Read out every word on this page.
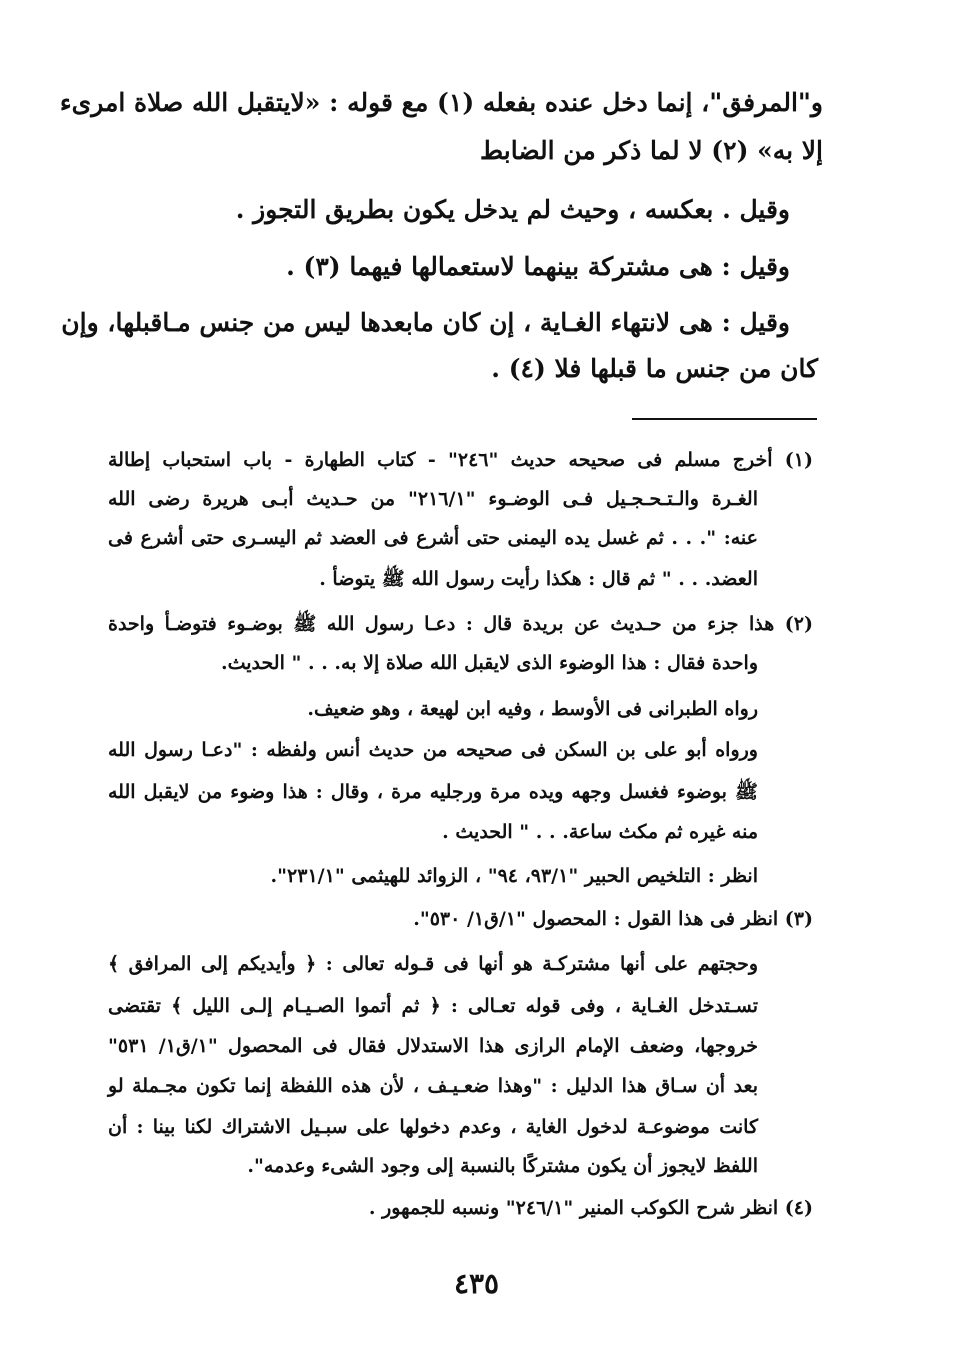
و"المرفق"، إنما دخل عنده بفعله (١) مع قوله : «لايتقبل الله صلاة امرىء
إلا به» (٢) لا لما ذكر من الضابط
وقيل . بعكسه ، وحيث لم يدخل يكون بطريق التجوز .
وقيل : هى مشتركة بينهما لاستعمالها فيهما (٣) .
وقيل : هى لانتهاء الغـاية ، إن كان مابعدها ليس من جنس مـاقبلها، وإن
كان من جنس ما قبلها فلا (٤) .
(١) أخرج مسلم فى صحيحه حديث "٢٤٦" - كتاب الطهارة - باب استحباب إطالة
الغـرة والـتـحـجـيل فـى الوضـوء "٢١٦/١" من حـديث أبـى هريرة رضى الله
عنه: ". . . ثم غسل يده اليمنى حتى أشرع فى العضد ثم اليسـرى حتى أشرع فى
العضد. . . " ثم قال : هكذا رأيت رسول الله ﷺ يتوضأ .
(٢) هذا جزء من حـديث عن بريدة قال : دعـا رسول الله ﷺ بوضـوء فتوضـأ واحدة
واحدة فقال : هذا الوضوء الذى لايقبل الله صلاة إلا به. . . " الحديث.
رواه الطبرانى فى الأوسط ، وفيه ابن لهيعة ، وهو ضعيف.
ورواه أبو على بن السكن فى صحيحه من حديث أنس ولفظه : "دعـا رسول الله
ﷺ بوضوء فغسل وجهه ويده مرة ورجليه مرة ، وقال : هذا وضوء من لايقبل الله
منه غيره ثم مكث ساعة. . . " الحديث .
انظر : التلخيص الحبير "٩٣/١، ٩٤" ، الزوائد للهيثمى "٢٣١/١".
(٣) انظر فى هذا القول : المحصول "١/ق١/ ٥٣٠".
وحجتهم على أنها مشتركـة هو أنها فى قـوله تعالى : ﴿ وأيديكم إلى المرافق ﴾
تسـتدخل الغـاية ، وفى قوله تعـالى : ﴿ ثم أتموا الصـيـام إلـى الليل ﴾ تقتضى
خروجها، وضعف الإمام الرازى هذا الاستدلال فقال فى المحصول "١/ق١/ ٥٣١"
بعد أن سـاق هذا الدليل : "وهذا ضعـيـف ، لأن هذه اللفظة إنما تكون مجـملة لو
كانت موضوعـة لدخول الغاية ، وعدم دخولها على سبـيل الاشتراك لكنا بينا : أن
اللفظ لايجوز أن يكون مشتركًا بالنسبة إلى وجود الشىء وعدمه".
(٤) انظر شرح الكوكب المنير "٢٤٦/١" ونسبه للجمهور .
٤٣٥
